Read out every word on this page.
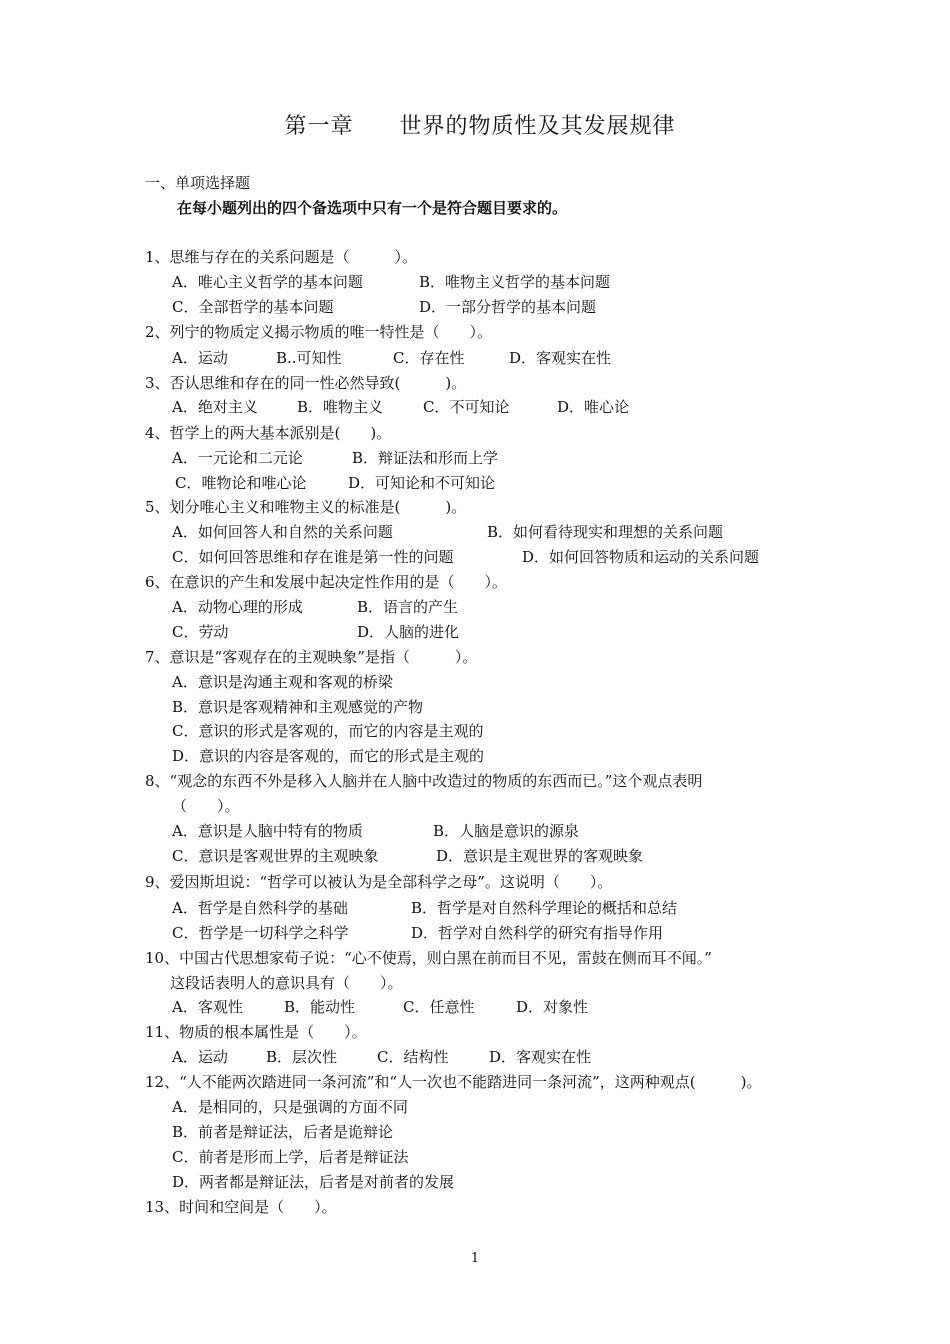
第一章　　世界的物质性及其发展规律
一、单项选择题
在每小题列出的四个备选项中只有一个是符合题目要求的。
1、思维与存在的关系问题是（　　　）。
A．唯心主义哲学的基本问题	B．唯物主义哲学的基本问题
C．全部哲学的基本问题	D．一部分哲学的基本问题
2、列宁的物质定义揭示物质的唯一特性是（　　）。
A．运动	B..可知性	C．存在性	D．客观实在性
3、否认思维和存在的同一性必然导致(　　　)。
A．绝对主义	B．唯物主义	C．不可知论	D．唯心论
4、哲学上的两大基本派别是(　　)。
A．一元论和二元论	B．辩证法和形而上学
C．唯物论和唯心论	D．可知论和不可知论
5、划分唯心主义和唯物主义的标准是(　　　)。
A．如何回答人和自然的关系问题	B．如何看待现实和理想的关系问题
C．如何回答思维和存在谁是第一性的问题	D．如何回答物质和运动的关系问题
6、在意识的产生和发展中起决定性作用的是（　　）。
A．动物心理的形成	B．语言的产生
C．劳动	D．人脑的进化
7、意识是“客观存在的主观映象”是指（　　　）。
A．意识是沟通主观和客观的桥梁
B．意识是客观精神和主观感觉的产物
C．意识的形式是客观的，而它的内容是主观的
D．意识的内容是客观的，而它的形式是主观的
8、“观念的东西不外是移入人脑并在人脑中改造过的物质的东西而已。”这个观点表明
（　　）。
A．意识是人脑中特有的物质	B．人脑是意识的源泉
C．意识是客观世界的主观映象	D．意识是主观世界的客观映象
9、爱因斯坦说：“哲学可以被认为是全部科学之母”。这说明（　　）。
A．哲学是自然科学的基础	B．哲学是对自然科学理论的概括和总结
C．哲学是一切科学之科学	D．哲学对自然科学的研究有指导作用
10、中国古代思想家荀子说：“心不使焉，则白黑在前而目不见，雷鼓在侧而耳不闻。”
这段话表明人的意识具有（　　）。
A．客观性	B．能动性	C．任意性	D．对象性
11、物质的根本属性是（　　）。
A．运动	B．层次性	C．结构性	D．客观实在性
12、“人不能两次踏进同一条河流”和“人一次也不能踏进同一条河流”，这两种观点(　　　)。
A．是相同的，只是强调的方面不同
B．前者是辩证法，后者是诡辩论
C．前者是形而上学，后者是辩证法
D．两者都是辩证法，后者是对前者的发展
13、时间和空间是（　　）。
1
